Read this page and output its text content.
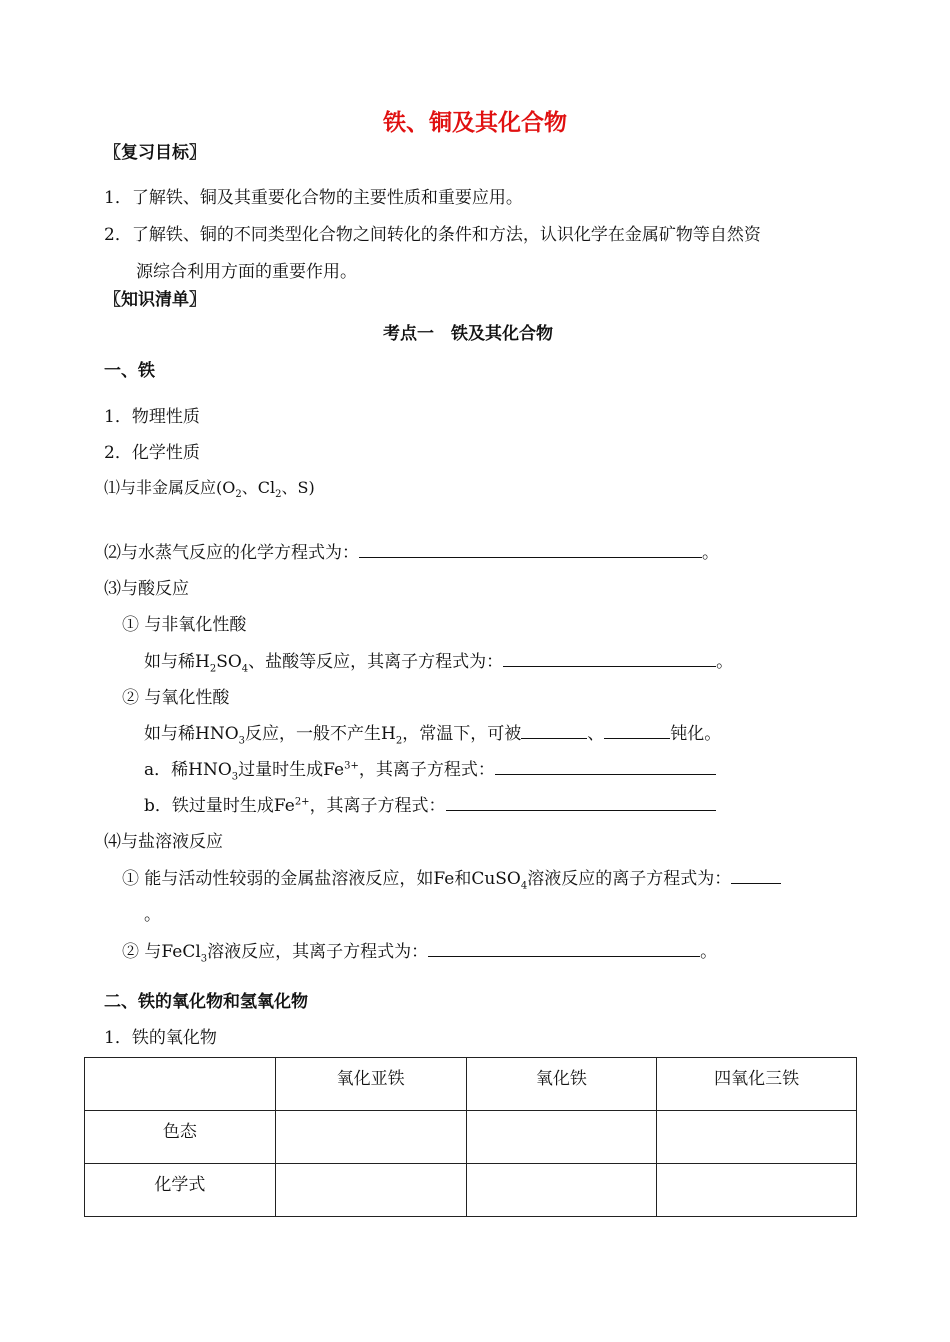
铁、铜及其化合物
〖复习目标〗
1．了解铁、铜及其重要化合物的主要性质和重要应用。
2．了解铁、铜的不同类型化合物之间转化的条件和方法，认识化学在金属矿物等自然资
源综合利用方面的重要作用。
〖知识清单〗
考点一　铁及其化合物
一、铁
1．物理性质
2．化学性质
⑴与非金属反应($O_2$、$Cl_2$、S)
⑵与水蒸气反应的化学方程式为：	。
⑶与酸反应
① 与非氧化性酸
如与稀$H_2SO_4$、盐酸等反应，其离子方程式为：	。
② 与氧化性酸
如与稀$HNO_3$反应，一般不产生$H_2$，常温下，可被	、	钝化。
a．稀$HNO_3$过量时生成$Fe^{3+}$，其离子方程式：
b．铁过量时生成$Fe^{2+}$，其离子方程式：
⑷与盐溶液反应
① 能与活动性较弱的金属盐溶液反应，如Fe和CuSO$_4$溶液反应的离子方程式为：
。
② 与FeCl$_3$溶液反应，其离子方程式为：	。
二、铁的氧化物和氢氧化物
1．铁的氧化物
	氧化亚铁	氧化铁	四氧化三铁
色态			
化学式			
